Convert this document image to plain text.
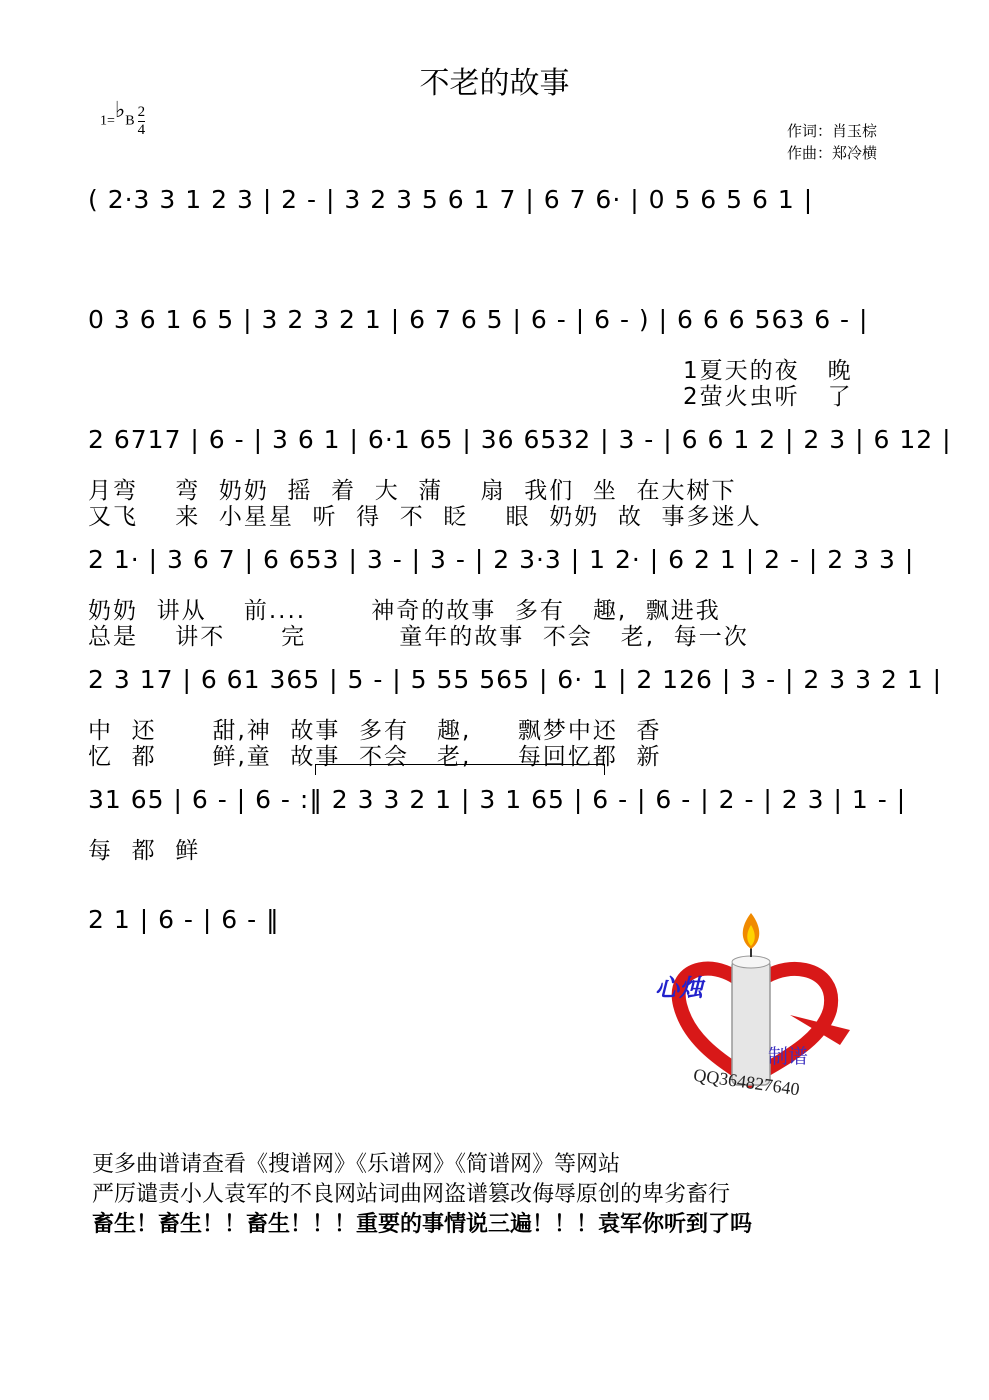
不老的故事
1=♭B $\frac{2}{4}$	作词：肖玉棕
作曲：郑冷横
( 2·3 3 1 2 3 | 2 - | 3 2 3 5 6 1 7 | 6 7 6· | 0 5 6 5 6 1 |
0 3 6 1 6 5 | 3 2 3 2 1 | 6 7 6 5 | 6 - | 6 - ) | 6 6 6 563 6 - |
1夏天的夜   晚
2萤火虫听   了
2 6717 | 6 - | 3 6 1 | 6·1 65 | 36 6532 | 3 - | 6 6 1 2 | 2 3 | 6 12 |
月弯    弯  奶奶  摇  着  大  蒲    扇  我们  坐  在大树下
又飞    来  小星星  听  得  不  眨    眼  奶奶  故  事多迷人
2 1· | 3 6 7 | 6 653 | 3 - | 3 - | 2 3·3 | 1 2· | 6 2 1 | 2 - | 2 3 3 |
奶奶  讲从    前....       神奇的故事  多有   趣,  飘进我
总是    讲不      完          童年的故事  不会   老,  每一次
2 3 17 | 6 61 365 | 5 - | 5 55 565 | 6· 1 | 2 126 | 3 - | 2 3 3 2 1 |
中  还      甜,神  故事  多有   趣,     飘梦中还  香
忆  都      鲜,童  故事  不会   老,     每回忆都  新
31 65 | 6 - | 6 - :‖ 2 3 3 2 1 | 3 1 65 | 6 - | 6 - | 2 - | 2 3 | 1 - |
每  都  鲜
2 1 | 6 - | 6 - ‖
心烛
制谱
QQ364827640
更多曲谱请查看《搜谱网》《乐谱网》《简谱网》等网站
严厉谴责小人袁军的不良网站词曲网盗谱篡改侮辱原创的卑劣畜行
畜生！畜生！！畜生！！！重要的事情说三遍！！！袁军你听到了吗
